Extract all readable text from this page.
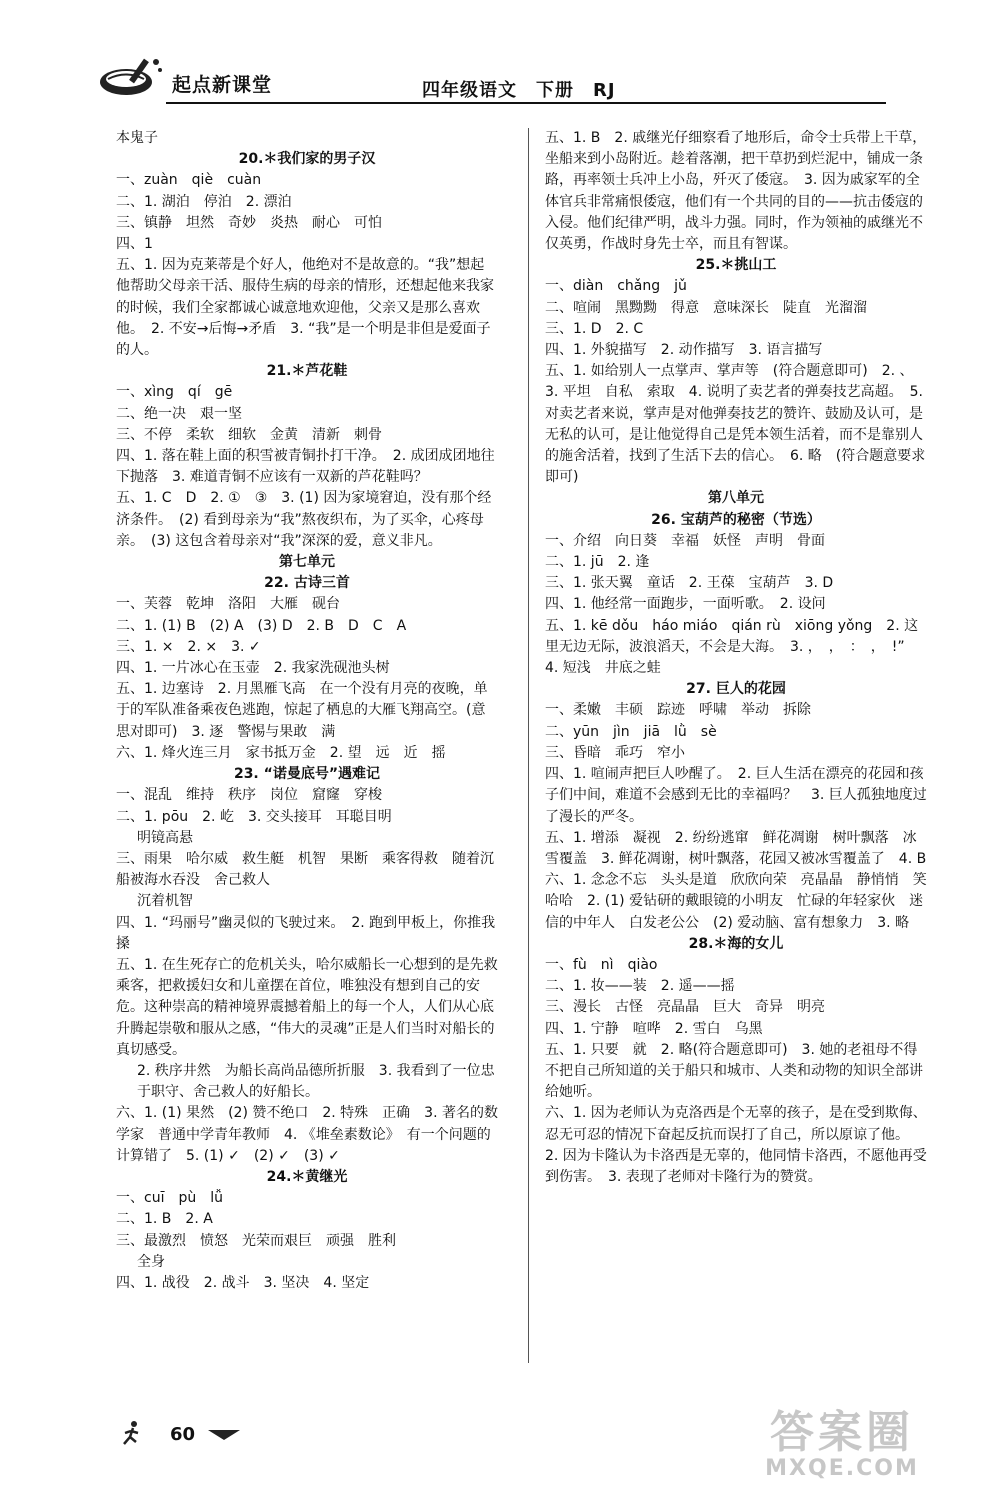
起点新课堂	四年级语文　下册　RJ
本鬼子
20.＊我们家的男子汉
一、zuàn　qiè　cuàn
二、1. 湖泊　停泊　2. 漂泊
三、镇静　坦然　奇妙　炎热　耐心　可怕
四、1
五、1. 因为克莱蒂是个好人，他绝对不是故意的。“我”想起他帮助父母亲干活、服侍生病的母亲的情形，还想起他来我家的时候，我们全家都诚心诚意地欢迎他，父亲又是那么喜欢他。　2. 不安→后悔→矛盾　3. “我”是一个明是非但是爱面子的人。
21.＊芦花鞋
一、xìng　qí　gē
二、绝一决　艰一坚
三、不停　柔软　细软　金黄　清新　刺骨
四、1. 落在鞋上面的积雪被青铜扑打干净。　2. 成团成团地往下抛落　3. 难道青铜不应该有一双新的芦花鞋吗？
五、1. C　D　2. ①　③　3. (1) 因为家境窘迫，没有那个经济条件。　(2) 看到母亲为“我”熬夜织布，为了买伞，心疼母亲。　(3) 这包含着母亲对“我”深深的爱，意义非凡。
第七单元
22. 古诗三首
一、芙蓉　乾坤　洛阳　大雁　砚台
二、1. (1) B　(2) A　(3) D　2. B　D　C　A
三、1. ×　2. ×　3. ✓
四、1. 一片冰心在玉壶　2. 我家洗砚池头树
五、1. 边塞诗　2. 月黑雁飞高　在一个没有月亮的夜晚，单于的军队准备乘夜色逃跑，惊起了栖息的大雁飞翔高空。(意思对即可)　3. 逐　警惕与果敢　满
六、1. 烽火连三月　家书抵万金　2. 望　远　近　摇
23. “诺曼底号”遇难记
一、混乱　维持　秩序　岗位　窟窿　穿梭
二、1. pōu　2. 屹　3. 交头接耳　耳聪目明
明镜高悬
三、雨果　哈尔威　救生艇　机智　果断　乘客得救　随着沉船被海水吞没　舍己救人
沉着机智
四、1. “玛丽号”幽灵似的飞驶过来。　2. 跑到甲板上，你推我搡
五、1. 在生死存亡的危机关头，哈尔威船长一心想到的是先救乘客，把救援妇女和儿童摆在首位，唯独没有想到自己的安危。这种崇高的精神境界震撼着船上的每一个人，人们从心底升腾起崇敬和服从之感，“伟大的灵魂”正是人们当时对船长的真切感受。
2. 秩序井然　为船长高尚品德所折服　3. 我看到了一位忠于职守、舍己救人的好船长。
六、1. (1) 果然　(2) 赞不绝口　2. 特殊　正确　3. 著名的数学家　普通中学青年教师　4. 《堆垒素数论》　有一个问题的计算错了　5. (1) ✓　(2) ✓　(3) ✓
24.＊黄继光
一、cuī　pù　lǚ
二、1. B　2. A
三、最激烈　愤怒　光荣而艰巨　顽强　胜利
全身
四、1. 战役　2. 战斗　3. 坚决　4. 坚定
五、1. B　2. 戚继光仔细察看了地形后，命令士兵带上干草，坐船来到小岛附近。趁着落潮，把干草扔到烂泥中，铺成一条路，再率领士兵冲上小岛，歼灭了倭寇。　3. 因为戚家军的全体官兵非常痛恨倭寇，他们有一个共同的目的——抗击倭寇的入侵。他们纪律严明，战斗力强。同时，作为领袖的戚继光不仅英勇，作战时身先士卒，而且有智谋。
25.＊挑山工
一、diàn　chǎng　jǔ
二、喧闹　黑黝黝　得意　意味深长　陡直　光溜溜
三、1. D　2. C
四、1. 外貌描写　2. 动作描写　3. 语言描写
五、1. 如给别人一点掌声、掌声等　(符合题意即可)　2. 、　3. 平坦　自私　索取　4. 说明了卖艺者的弹奏技艺高超。　5. 对卖艺者来说，掌声是对他弹奏技艺的赞许、鼓励及认可，是无私的认可，是让他觉得自己是凭本领生活着，而不是靠别人的施舍活着，找到了生活下去的信心。　6. 略　(符合题意要求即可)
第八单元
26. 宝葫芦的秘密（节选）
一、介绍　向日葵　幸福　妖怪　声明　骨面
二、1. jū　2. 逢
三、1. 张天翼　童话　2. 王葆　宝葫芦　3. D
四、1. 他经常一面跑步，一面听歌。　2. 设问
五、1. kē dǒu　háo miáo　qián rù　xiōng yǒng　2. 这里无边无际，波浪滔天，不会是大海。　3. ，　，　：　，　!”　4. 短浅　井底之蛙
27. 巨人的花园
一、柔嫩　丰硕　踪迹　呼啸　举动　拆除
二、yūn　jìn　jiā　lǜ　sè
三、昏暗　乖巧　窄小
四、1. 喧闹声把巨人吵醒了。　2. 巨人生活在漂亮的花园和孩子们中间，难道不会感到无比的幸福吗？　3. 巨人孤独地度过了漫长的严冬。
五、1. 增添　凝视　2. 纷纷逃窜　鲜花凋谢　树叶飘落　冰雪覆盖　3. 鲜花凋谢，树叶飘落，花园又被冰雪覆盖了　4. B
六、1. 念念不忘　头头是道　欣欣向荣　亮晶晶　静悄悄　笑哈哈　2. (1) 爱钻研的戴眼镜的小明友　忙碌的年轻家伙　迷信的中年人　白发老公公　(2) 爱动脑、富有想象力　3. 略
28.＊海的女儿
一、fù　nì　qiào
二、1. 妆——装　2. 遥——摇
三、漫长　古怪　亮晶晶　巨大　奇异　明亮
四、1. 宁静　喧哗　2. 雪白　乌黑
五、1. 只要　就　2. 略(符合题意即可)　3. 她的老祖母不得不把自己所知道的关于船只和城市、人类和动物的知识全部讲给她听。
六、1. 因为老师认为克洛西是个无辜的孩子，是在受到欺侮、忍无可忍的情况下奋起反抗而误打了自己，所以原谅了他。　2. 因为卡隆认为卡洛西是无辜的，他同情卡洛西，不愿他再受到伤害。　3. 表现了老师对卡隆行为的赞赏。
60	答案圈
MXQE.COM
